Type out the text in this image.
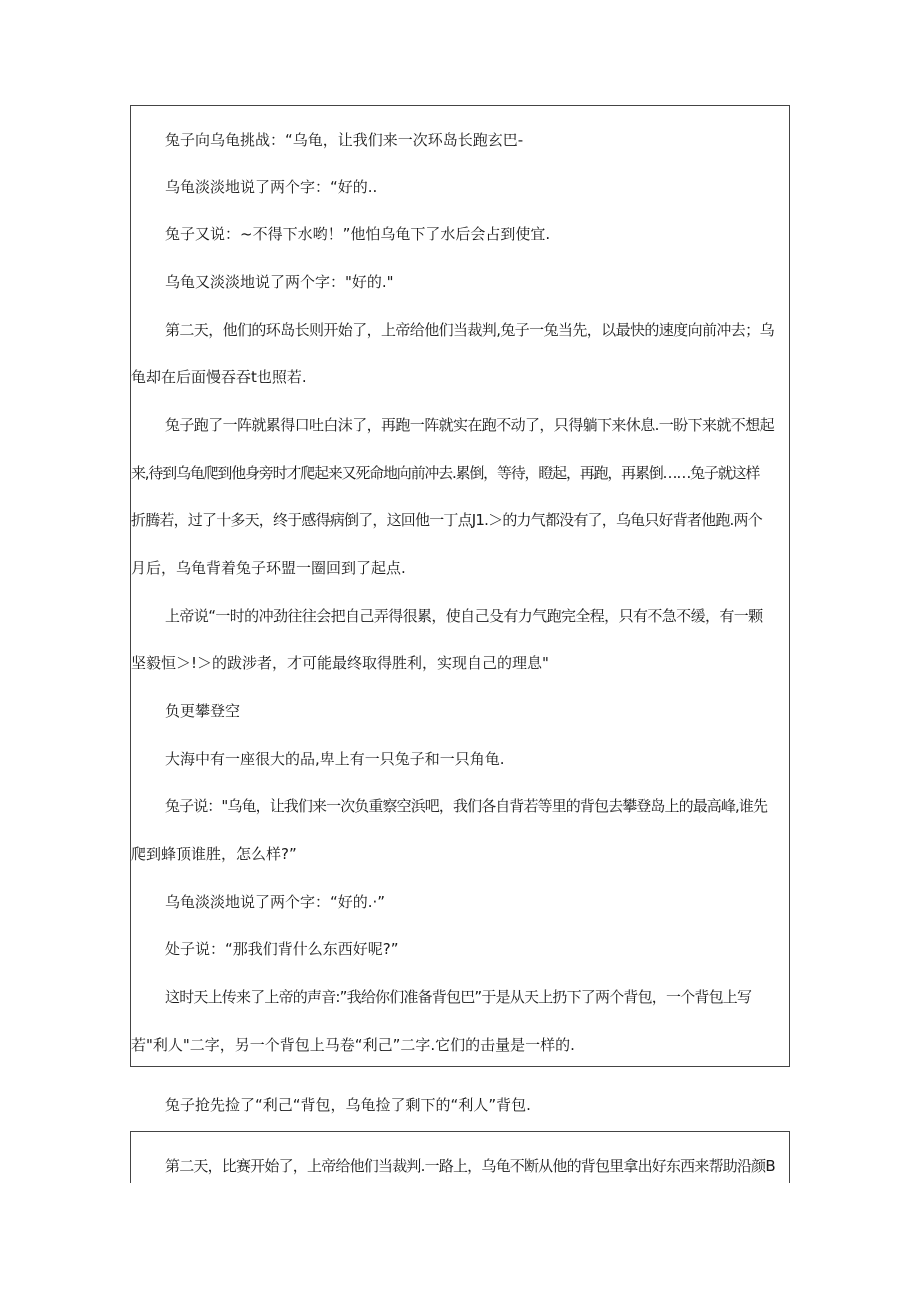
兔子向乌龟挑战：“乌龟，让我们来一次环岛长跑玄巴-
乌龟淡淡地说了两个字：“好的..
兔子又说：~不得下水哟！”他怕乌龟下了水后会占到使宜.
乌龟又淡淡地说了两个字："好的."
第二天，他们的环岛长则开始了，上帝给他们当裁判,兔子一兔当先，以最快的速度向前冲去；乌
龟却在后面慢吞吞t也照若.
兔子跑了一阵就累得口吐白沫了，再跑一阵就实在跑不动了，只得躺下来休息.一盼下来就不想起
来,待到乌龟爬到他身旁时才爬起来又死命地向前冲去.累倒，等待，瞪起，再跑，再累倒……兔子就这样
折腾若，过了十多天，终于感得病倒了，这回他一丁点J1.＞的力气都没有了，乌龟只好背者他跑.两个
月后，乌龟背着兔子环盟一圈回到了起点.
上帝说“一时的冲劲往往会把自己弄得很累，使自己殳有力气跑完全程，只有不急不缓，有一颗
坚毅恒＞!＞的跋涉者，才可能最终取得胜利，实现自己的理息"
负更攀登空
大海中有一座很大的品,卑上有一只兔子和一只角龟.
兔子说："乌龟，让我们来一次负重察空浜吧，我们各自背若等里的背包去攀登岛上的最高峰,谁先
爬到蜂顶谁胜，怎么样?”
乌龟淡淡地说了两个字：“好的.·”
处子说：“那我们背什么东西好呢?”
这时天上传来了上帝的声音:”我给你们准备背包巴”于是从天上扔下了两个背包，一个背包上写
若"利人"二字，另一个背包上马卷“利己”二字.它们的击量是一样的.
兔子抢先捡了“利己“背包，乌龟捡了剩下的“利人”背包.
第二天，比赛开始了，上帝给他们当裁判.一路上，乌龟不断从他的背包里拿出好东西来帮助沿颜B
